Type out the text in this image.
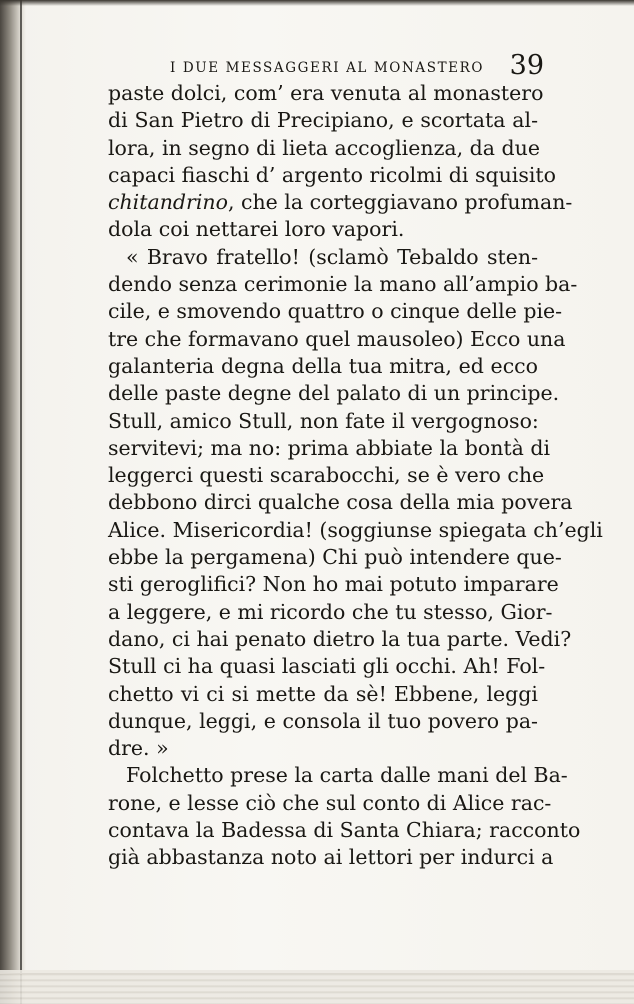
I DUE MESSAGGERI AL MONASTERO 39
paste dolci, com’ era venuta al monastero
di San Pietro di Precipiano, e scortata al-
lora, in segno di lieta accoglienza, da due
capaci fiaschi d’ argento ricolmi di squisito
chitandrino, che la corteggiavano profuman-
dola coi nettarei loro vapori.
« Bravo fratello! (sclamò Tebaldo sten-
dendo senza cerimonie la mano all’ampio ba-
cile, e smovendo quattro o cinque delle pie-
tre che formavano quel mausoleo) Ecco una
galanteria degna della tua mitra, ed ecco
delle paste degne del palato di un principe.
Stull, amico Stull, non fate il vergognoso:
servitevi; ma no: prima abbiate la bontà di
leggerci questi scarabocchi, se è vero che
debbono dirci qualche cosa della mia povera
Alice. Misericordia! (soggiunse spiegata ch’egli
ebbe la pergamena) Chi può intendere que-
sti geroglifici? Non ho mai potuto imparare
a leggere, e mi ricordo che tu stesso, Gior-
dano, ci hai penato dietro la tua parte. Vedi?
Stull ci ha quasi lasciati gli occhi. Ah! Fol-
chetto vi ci si mette da sè! Ebbene, leggi
dunque, leggi, e consola il tuo povero pa-
dre. »
Folchetto prese la carta dalle mani del Ba-
rone, e lesse ciò che sul conto di Alice rac-
contava la Badessa di Santa Chiara; racconto
già abbastanza noto ai lettori per indurci a
